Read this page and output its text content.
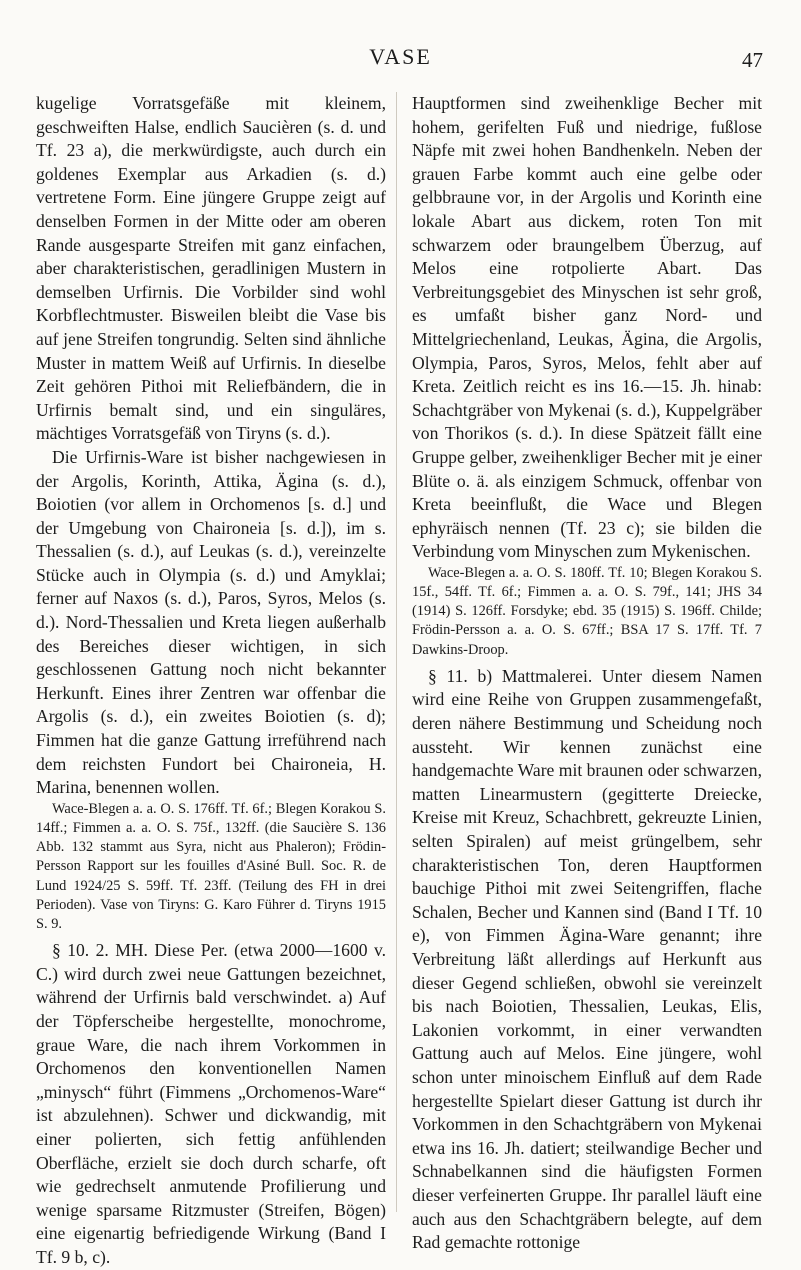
VASE	47

kugelige Vorratsgefäße mit kleinem, geschweiften Halse, endlich Saucièren (s. d. und Tf. 23 a), die merkwürdigste, auch durch ein goldenes Exemplar aus Arkadien (s. d.) vertretene Form. Eine jüngere Gruppe zeigt auf denselben Formen in der Mitte oder am oberen Rande ausgesparte Streifen mit ganz einfachen, aber charakteristischen, geradlinigen Mustern in demselben Urfirnis. Die Vorbilder sind wohl Korbflechtmuster. Bisweilen bleibt die Vase bis auf jene Streifen tongrundig. Selten sind ähnliche Muster in mattem Weiß auf Urfirnis. In dieselbe Zeit gehören Pithoi mit Reliefbändern, die in Urfirnis bemalt sind, und ein singuläres, mächtiges Vorratsgefäß von Tiryns (s. d.).

Die Urfirnis-Ware ist bisher nachgewiesen in der Argolis, Korinth, Attika, Ägina (s. d.), Boiotien (vor allem in Orchomenos [s. d.] und der Umgebung von Chaironeia [s. d.]), im s. Thessalien (s. d.), auf Leukas (s. d.), vereinzelte Stücke auch in Olympia (s. d.) und Amyklai; ferner auf Naxos (s. d.), Paros, Syros, Melos (s. d.). Nord-Thessalien und Kreta liegen außerhalb des Bereiches dieser wichtigen, in sich geschlossenen Gattung noch nicht bekannter Herkunft. Eines ihrer Zentren war offenbar die Argolis (s. d.), ein zweites Boiotien (s. d); Fimmen hat die ganze Gattung irreführend nach dem reichsten Fundort bei Chaironeia, H. Marina, benennen wollen.

Wace-Blegen a. a. O. S. 176ff. Tf. 6f.; Blegen Korakou S. 14ff.; Fimmen a. a. O. S. 75f., 132ff. (die Saucière S. 136 Abb. 132 stammt aus Syra, nicht aus Phaleron); Frödin-Persson Rapport sur les fouilles d'Asiné Bull. Soc. R. de Lund 1924/25 S. 59ff. Tf. 23ff. (Teilung des FH in drei Perioden). Vase von Tiryns: G. Karo Führer d. Tiryns 1915 S. 9.

§ 10. 2. MH. Diese Per. (etwa 2000—1600 v. C.) wird durch zwei neue Gattungen bezeichnet, während der Urfirnis bald verschwindet. a) Auf der Töpferscheibe hergestellte, monochrome, graue Ware, die nach ihrem Vorkommen in Orchomenos den konventionellen Namen „minysch“ führt (Fimmens „Orchomenos-Ware“ ist abzulehnen). Schwer und dickwandig, mit einer polierten, sich fettig anfühlenden Oberfläche, erzielt sie doch durch scharfe, oft wie gedrechselt anmutende Profilierung und wenige sparsame Ritzmuster (Streifen, Bögen) eine eigenartig befriedigende Wirkung (Band I Tf. 9 b, c).

Hauptformen sind zweihenklige Becher mit hohem, gerifelten Fuß und niedrige, fußlose Näpfe mit zwei hohen Bandhenkeln. Neben der grauen Farbe kommt auch eine gelbe oder gelbbraune vor, in der Argolis und Korinth eine lokale Abart aus dickem, roten Ton mit schwarzem oder braungelbem Überzug, auf Melos eine rotpolierte Abart. Das Verbreitungsgebiet des Minyschen ist sehr groß, es umfaßt bisher ganz Nord- und Mittelgriechenland, Leukas, Ägina, die Argolis, Olympia, Paros, Syros, Melos, fehlt aber auf Kreta. Zeitlich reicht es ins 16.—15. Jh. hinab: Schachtgräber von Mykenai (s. d.), Kuppelgräber von Thorikos (s. d.). In diese Spätzeit fällt eine Gruppe gelber, zweihenkliger Becher mit je einer Blüte o. ä. als einzigem Schmuck, offenbar von Kreta beeinflußt, die Wace und Blegen ephyräisch nennen (Tf. 23 c); sie bilden die Verbindung vom Minyschen zum Mykenischen.

Wace-Blegen a. a. O. S. 180ff. Tf. 10; Blegen Korakou S. 15f., 54ff. Tf. 6f.; Fimmen a. a. O. S. 79f., 141; JHS 34 (1914) S. 126ff. Forsdyke; ebd. 35 (1915) S. 196ff. Childe; Frödin-Persson a. a. O. S. 67ff.; BSA 17 S. 17ff. Tf. 7 Dawkins-Droop.

§ 11. b) Mattmalerei. Unter diesem Namen wird eine Reihe von Gruppen zusammengefaßt, deren nähere Bestimmung und Scheidung noch aussteht. Wir kennen zunächst eine handgemachte Ware mit braunen oder schwarzen, matten Linearmustern (gegitterte Dreiecke, Kreise mit Kreuz, Schachbrett, gekreuzte Linien, selten Spiralen) auf meist grüngelbem, sehr charakteristischen Ton, deren Hauptformen bauchige Pithoi mit zwei Seitengriffen, flache Schalen, Becher und Kannen sind (Band I Tf. 10 e), von Fimmen Ägina-Ware genannt; ihre Verbreitung läßt allerdings auf Herkunft aus dieser Gegend schließen, obwohl sie vereinzelt bis nach Boiotien, Thessalien, Leukas, Elis, Lakonien vorkommt, in einer verwandten Gattung auch auf Melos. Eine jüngere, wohl schon unter minoischem Einfluß auf dem Rade hergestellte Spielart dieser Gattung ist durch ihr Vorkommen in den Schachtgräbern von Mykenai etwa ins 16. Jh. datiert; steilwandige Becher und Schnabelkannen sind die häufigsten Formen dieser verfeinerten Gruppe. Ihr parallel läuft eine auch aus den Schachtgräbern belegte, auf dem Rad gemachte rottonige
